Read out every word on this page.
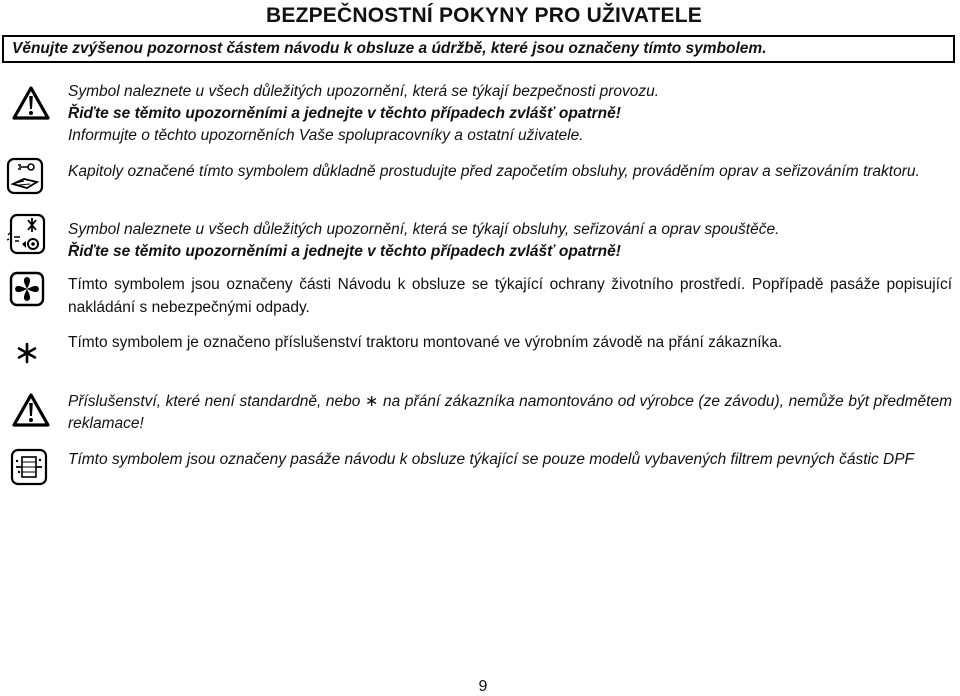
BEZPEČNOSTNÍ POKYNY PRO UŽIVATELE
Věnujte zvýšenou pozornost částem návodu k obsluze a údržbě, které jsou označeny tímto symbolem.
Symbol naleznete u všech důležitých upozornění, která se týkají bezpečnosti provozu.
Řiďte se těmito upozorněními a jednejte v těchto případech zvlášť opatrně!
Informujte o těchto upozorněních Vaše spolupracovníky a ostatní uživatele.
Kapitoly označené tímto symbolem důkladně prostudujte před započetím obsluhy, prováděním oprav a seřizováním traktoru.
Symbol naleznete u všech důležitých upozornění, která se týkají obsluhy, seřizování a oprav spouštěče.
Řiďte se těmito upozorněními a jednejte v těchto případech zvlášť opatrně!
Tímto symbolem jsou označeny části Návodu k obsluze se týkající ochrany životního prostředí. Popřípadě pasáže popisující nakládání s nebezpečnými odpady.
Tímto symbolem je označeno příslušenství traktoru montované ve výrobním závodě na přání zákazníka.
Příslušenství, které není standardně, nebo ∗ na přání zákazníka namontováno od výrobce (ze závodu), nemůže být předmětem reklamace!
Tímto symbolem jsou označeny pasáže návodu k obsluze týkající se pouze modelů vybavených filtrem pevných částic DPF
9
